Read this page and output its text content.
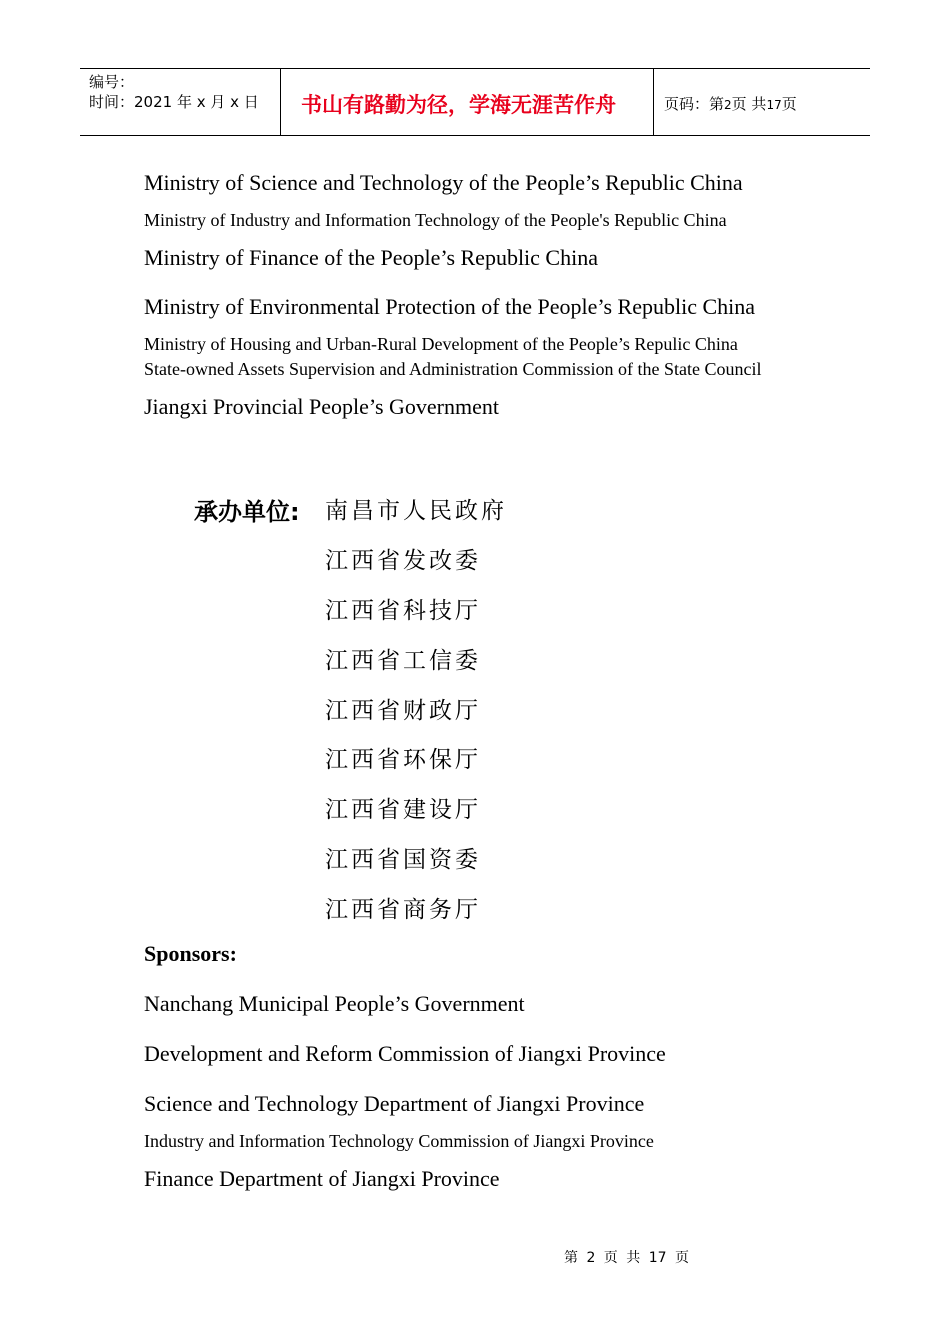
编号：
时间：2021 年 x 月 x 日	书山有路勤为径，学海无涯苦作舟	页码：第2页 共17页
Ministry of Science and Technology of the People’s Republic China
Ministry of Industry and Information Technology of the People's Republic China
Ministry of Finance of the People’s Republic China
Ministry of Environmental Protection of the People’s Republic China
Ministry of Housing and Urban-Rural Development of the People’s Repulic China
State-owned Assets Supervision and Administration Commission of the State Council
Jiangxi Provincial People’s Government
承办单位: 南昌市人民政府
江西省发改委
江西省科技厅
江西省工信委
江西省财政厅
江西省环保厅
江西省建设厅
江西省国资委
江西省商务厅
Sponsors:
Nanchang Municipal People’s Government
Development and Reform Commission of Jiangxi Province
Science and Technology Department of Jiangxi Province
Industry and Information Technology Commission of Jiangxi Province
Finance Department of Jiangxi Province
第 2 页 共 17 页
